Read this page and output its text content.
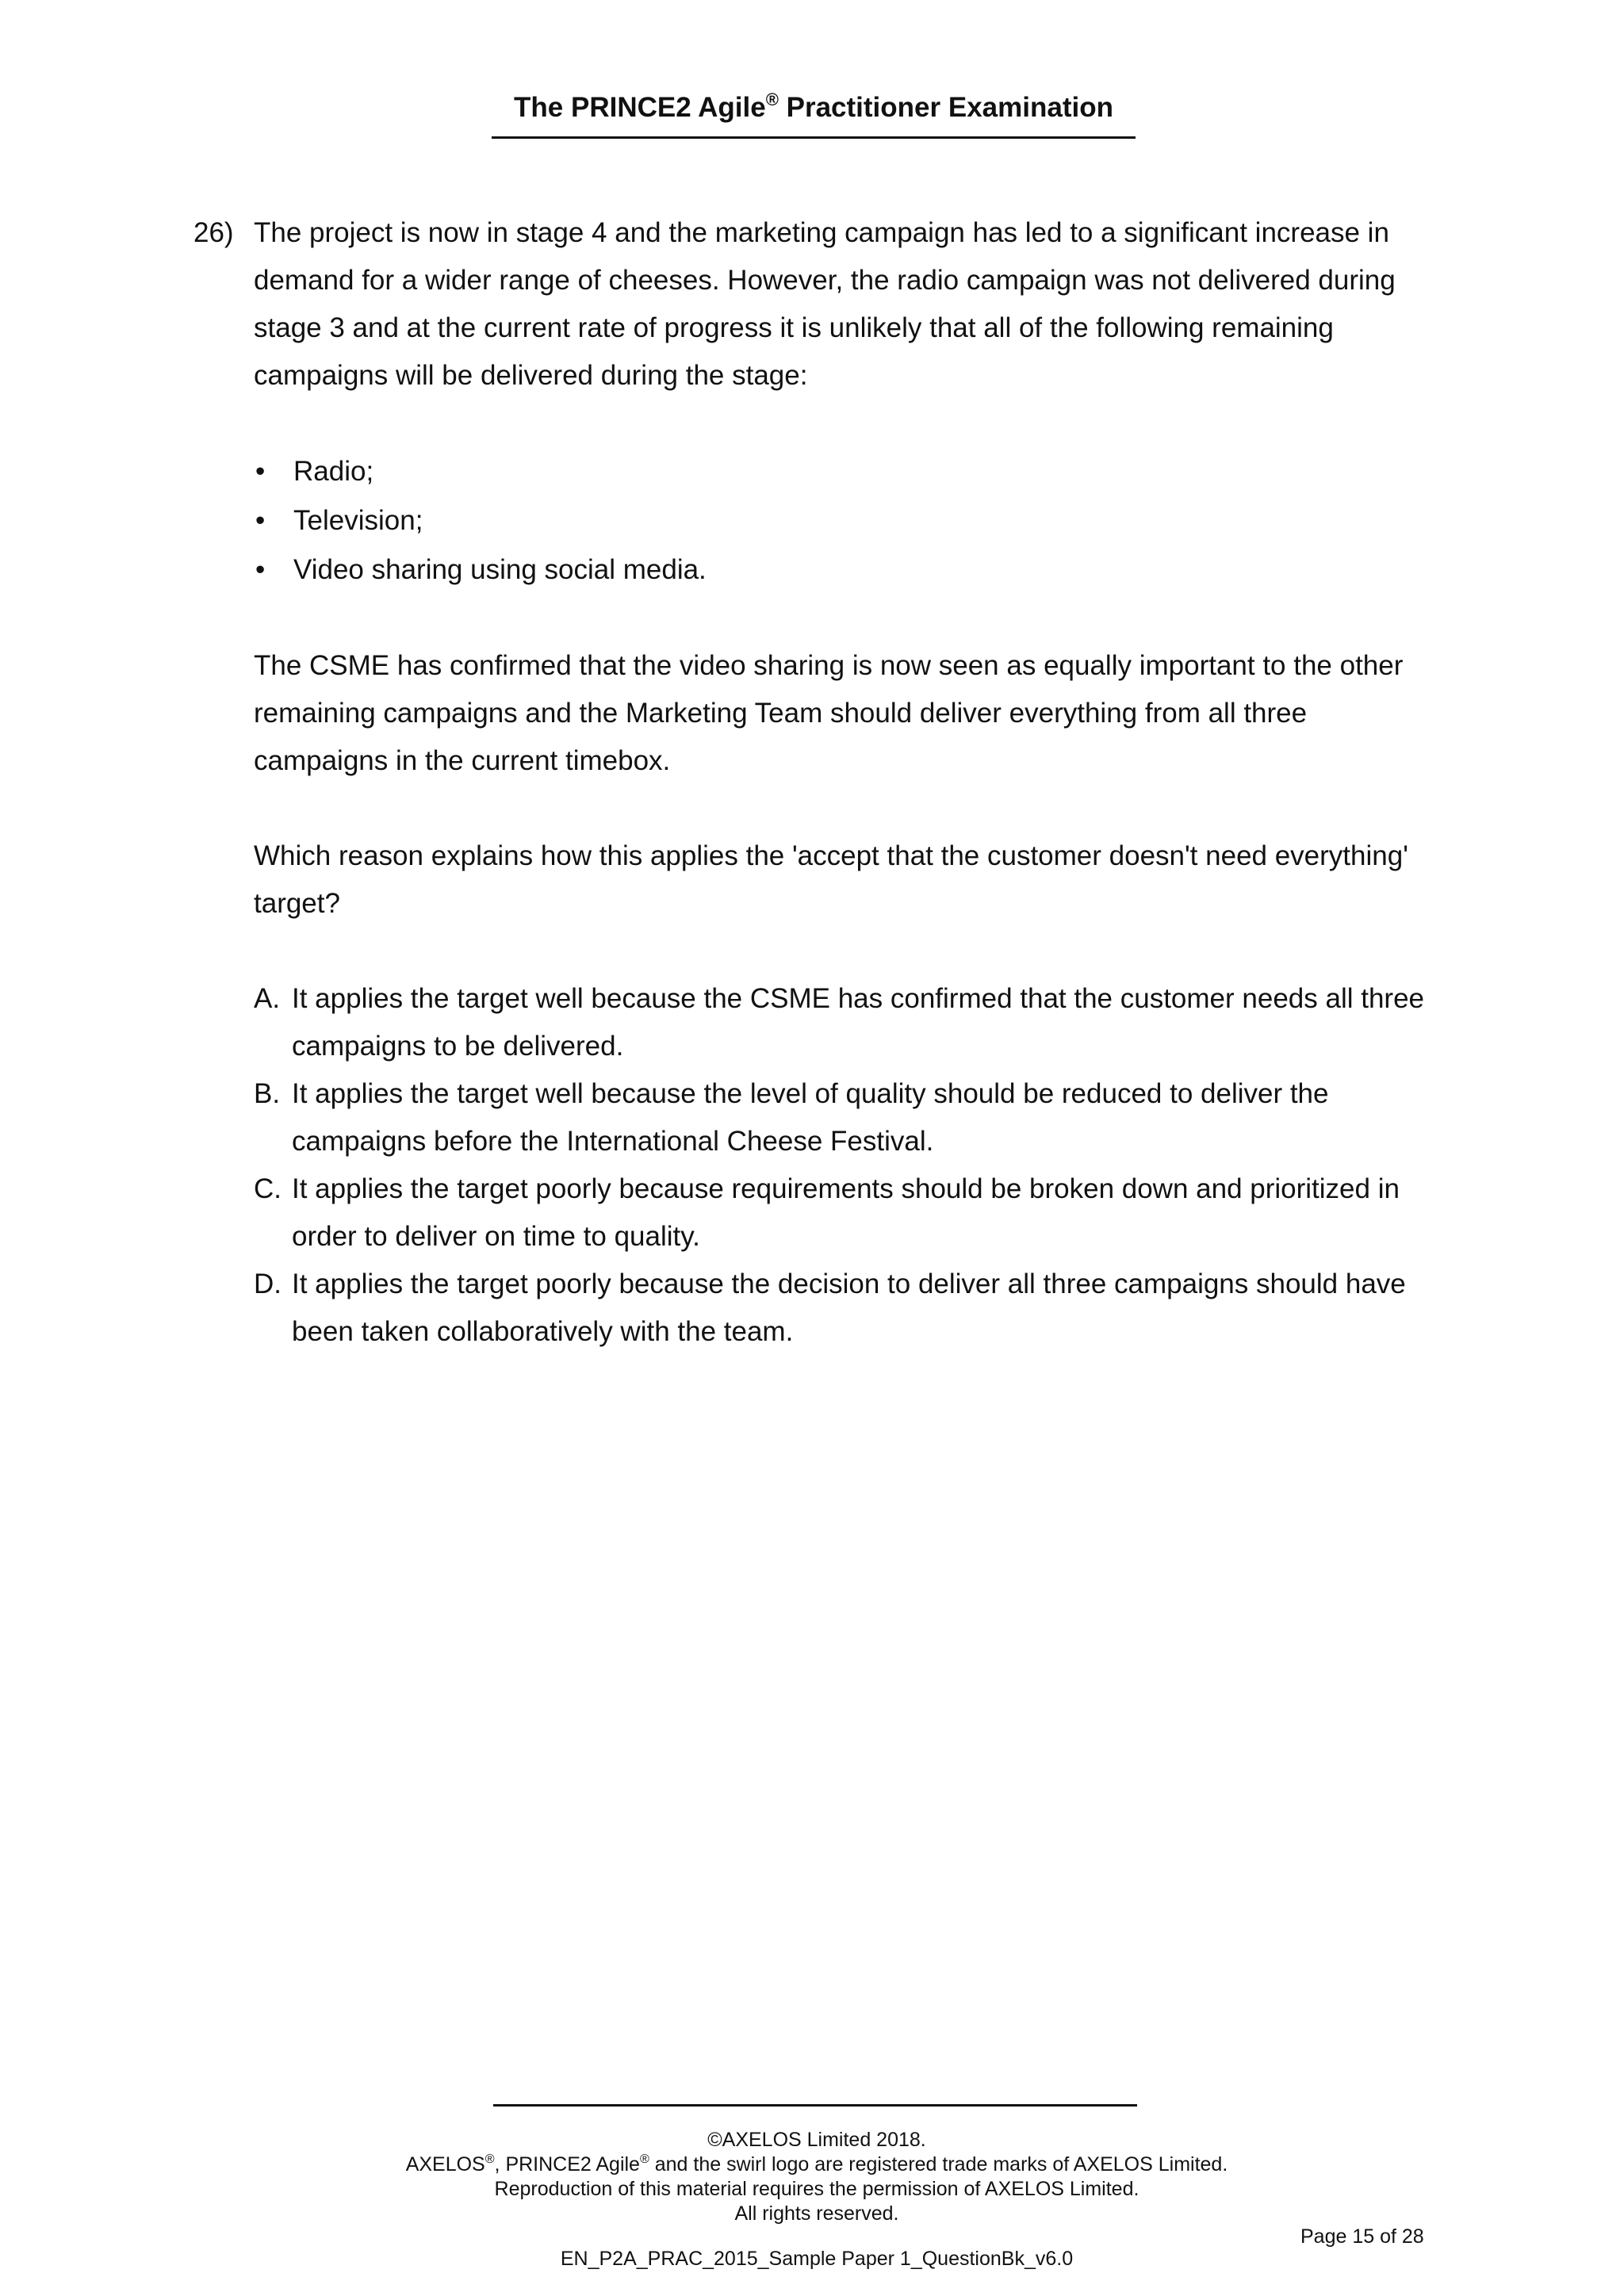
The PRINCE2 Agile® Practitioner Examination
26) The project is now in stage 4 and the marketing campaign has led to a significant increase in demand for a wider range of cheeses. However, the radio campaign was not delivered during stage 3 and at the current rate of progress it is unlikely that all of the following remaining campaigns will be delivered during the stage:

• Radio;
• Television;
• Video sharing using social media.

The CSME has confirmed that the video sharing is now seen as equally important to the other remaining campaigns and the Marketing Team should deliver everything from all three campaigns in the current timebox.

Which reason explains how this applies the 'accept that the customer doesn't need everything' target?

A. It applies the target well because the CSME has confirmed that the customer needs all three campaigns to be delivered.
B. It applies the target well because the level of quality should be reduced to deliver the campaigns before the International Cheese Festival.
C. It applies the target poorly because requirements should be broken down and prioritized in order to deliver on time to quality.
D. It applies the target poorly because the decision to deliver all three campaigns should have been taken collaboratively with the team.
©AXELOS Limited 2018.
AXELOS®, PRINCE2 Agile® and the swirl logo are registered trade marks of AXELOS Limited.
Reproduction of this material requires the permission of AXELOS Limited.
All rights reserved.
EN_P2A_PRAC_2015_Sample Paper 1_QuestionBk_v6.0
Page 15 of 28
